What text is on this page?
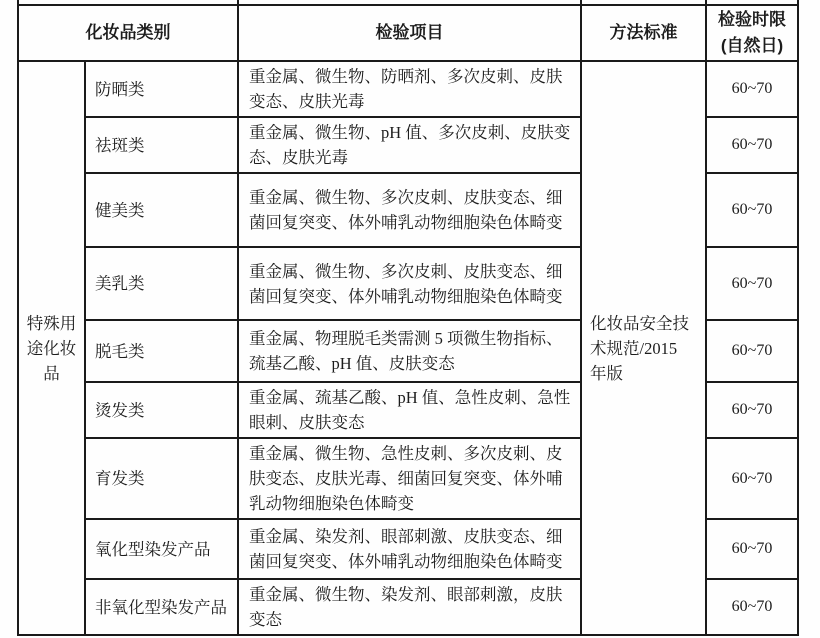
化妆品类别		检验项目	方法标准	检验时限
(自然日)

特殊用途化妆品	防晒类	重金属、微生物、防晒剂、多次皮刺、皮肤变态、皮肤光毒	化妆品安全技术规范/2015 年版	60~70
	祛斑类	重金属、微生物、pH 值、多次皮刺、皮肤变态、皮肤光毒		60~70
	健美类	重金属、微生物、多次皮刺、皮肤变态、细菌回复突变、体外哺乳动物细胞染色体畸变		60~70
	美乳类	重金属、微生物、多次皮刺、皮肤变态、细菌回复突变、体外哺乳动物细胞染色体畸变		60~70
	脱毛类	重金属、物理脱毛类需测 5 项微生物指标、巯基乙酸、pH 值、皮肤变态		60~70
	烫发类	重金属、巯基乙酸、pH 值、急性皮刺、急性眼刺、皮肤变态		60~70
	育发类	重金属、微生物、急性皮刺、多次皮刺、皮肤变态、皮肤光毒、细菌回复突变、体外哺乳动物细胞染色体畸变		60~70
	氧化型染发产品	重金属、染发剂、眼部刺激、皮肤变态、细菌回复突变、体外哺乳动物细胞染色体畸变		60~70
	非氧化型染发产品	重金属、微生物、染发剂、眼部刺激，皮肤变态		60~70
